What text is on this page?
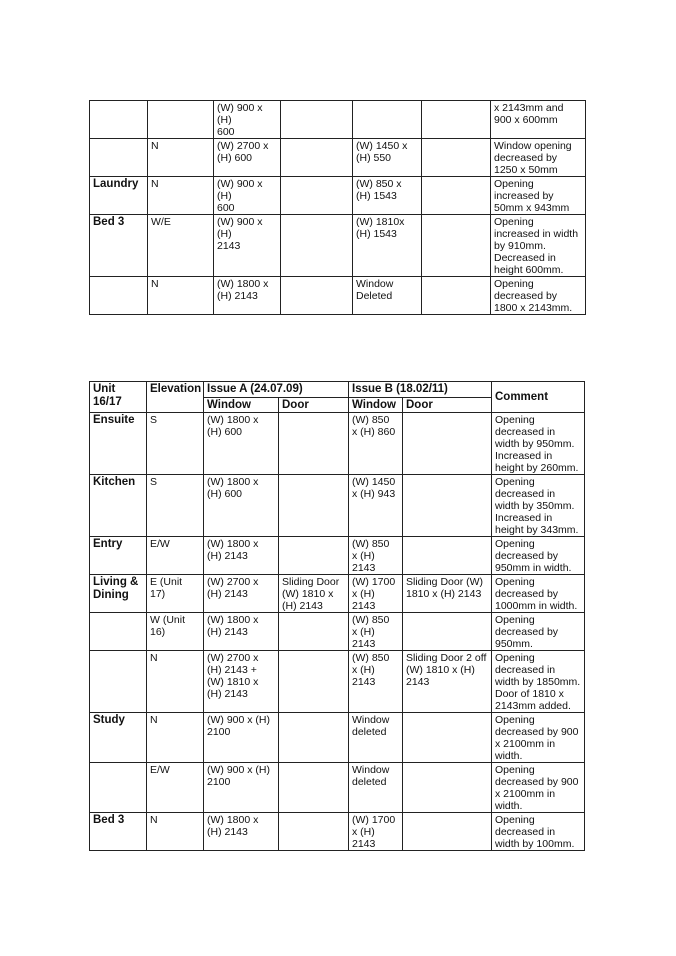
		(W) 900 x (H)
600				x 2143mm and
900 x 600mm
	N	(W) 2700 x
(H) 600		(W) 1450 x
(H) 550		Window opening
decreased by
1250 x 50mm
Laundry	N	(W) 900 x (H)
600		(W) 850 x
(H) 1543		Opening
increased by
50mm x 943mm
Bed 3	W/E	(W) 900 x (H)
2143		(W) 1810x
(H) 1543		Opening
increased in width
by 910mm.
Decreased in
height 600mm.
	N	(W) 1800 x
(H) 2143		Window
Deleted		Opening
decreased by
1800 x 2143mm.
Unit
16/17	Elevation	Issue A (24.07.09)		Issue B (18.02/11)		Comment
		Window	Door	Window	Door	
Ensuite	S	(W) 1800 x
(H) 600		(W) 850
x (H) 860		Opening
decreased in
width by 950mm.
Increased in
height by 260mm.
Kitchen	S	(W) 1800 x
(H) 600		(W) 1450
x (H) 943		Opening
decreased in
width by 350mm.
Increased in
height by 343mm.
Entry	E/W	(W) 1800 x
(H) 2143		(W) 850
x (H)
2143		Opening
decreased by
950mm in width.
Living &
Dining	E (Unit
17)	(W) 2700 x
(H) 2143	Sliding Door
(W) 1810 x
(H) 2143	(W) 1700
x (H)
2143	Sliding Door (W)
1810 x (H) 2143	Opening
decreased by
1000mm in width.
	W (Unit
16)	(W) 1800 x
(H) 2143		(W) 850
x (H)
2143		Opening
decreased by
950mm.
	N	(W) 2700 x
(H) 2143 +
(W) 1810 x
(H) 2143		(W) 850
x (H)
2143	Sliding Door 2 off
(W) 1810 x (H)
2143	Opening
decreased in
width by 1850mm.
Door of 1810 x
2143mm added.
Study	N	(W) 900 x (H)
2100		Window
deleted		Opening
decreased by 900
x 2100mm in
width.
	E/W	(W) 900 x (H)
2100		Window
deleted		Opening
decreased by 900
x 2100mm in
width.
Bed 3	N	(W) 1800 x
(H) 2143		(W) 1700
x (H)
2143		Opening
decreased in
width by 100mm.
